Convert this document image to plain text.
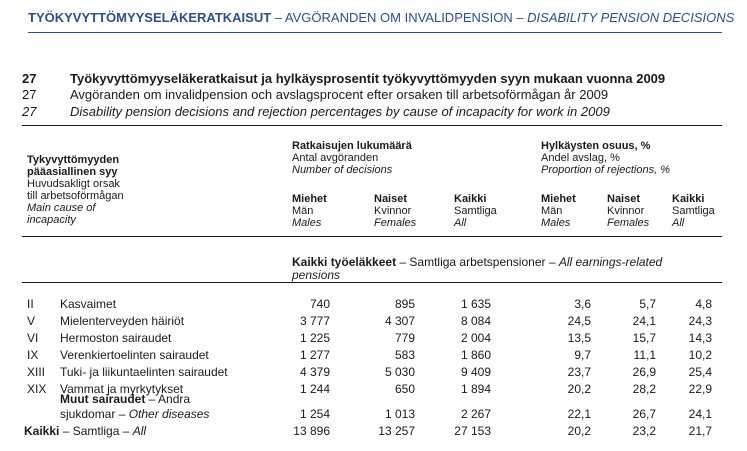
TYÖKYVYTTÖMYYSELÄKERATKAISUT – AVGÖRANDEN OM INVALIDPENSION – DISABILITY PENSION DECISIONS
27	Työkyvyttömyyseläkeratkaisut ja hylkäysprosentit työkyvyttömyyden syyn mukaan vuonna 2009
27	Avgöranden om invalidpension och avslagsprocent efter orsaken till arbetsoförmågan år 2009
27	Disability pension decisions and rejection percentages by cause of incapacity for work in 2009
Tykyvyttömyyden
pääasiallinen syy
Huvudsakligt orsak
till arbetsoförmågan
Main cause of
incapacity
Ratkaisujen lukumäärä
Antal avgöranden
Number of decisions
Hylkäysten osuus, %
Andel avslag, %
Proportion of rejections, %
Miehet
Män
Males
Naiset
Kvinnor
Females
Kaikki
Samtliga
All
Miehet
Män
Males
Naiset
Kvinnor
Females
Kaikki
Samtliga
All
Kaikki työeläkkeet – Samtliga arbetspensioner – All earnings-related
pensions
II Kasvaimet	740	895	1 635	3,6	5,7	4,8
V Mielenterveyden häiriöt	3 777	4 307	8 084	24,5	24,1	24,3
VI Hermoston sairaudet	1 225	779	2 004	13,5	15,7	14,3
IX Verenkiertoelinten sairaudet	1 277	583	1 860	9,7	11,1	10,2
XIII Tuki- ja liikuntaelinten sairaudet	4 379	5 030	9 409	23,7	26,9	25,4
XIX Vammat ja myrkytykset	1 244	650	1 894	20,2	28,2	22,9
Muut sairaudet – Andra
sjukdomar – Other diseases	1 254	1 013	2 267	22,1	26,7	24,1
Kaikki – Samtliga – All	13 896	13 257	27 153	20,2	23,2	21,7
